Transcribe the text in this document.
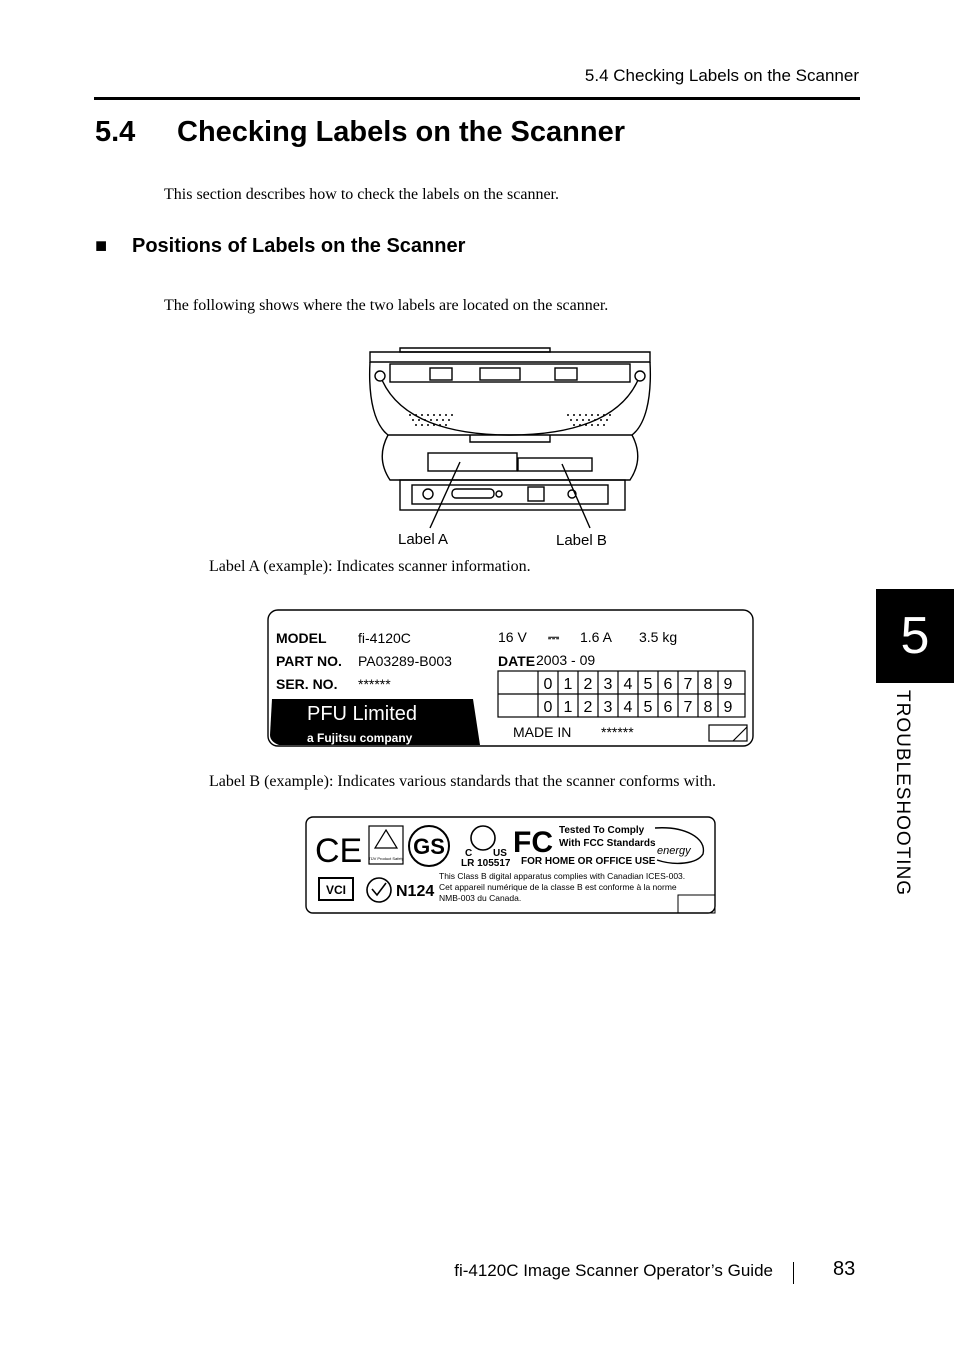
5.4 Checking Labels on the Scanner
5.4 Checking Labels on the Scanner
This section describes how to check the labels on the scanner.
■ Positions of Labels on the Scanner
The following shows where the two labels are located on the scanner.
Label A	Label B
Label A (example): Indicates scanner information.
MODEL fi-4120C
PART NO. PA03289-B003
SER. NO. ******
16 V ⎓ 1.6 A 3.5 kg
DATE 2003 - 09
MADE IN ******
PFU Limited
a Fujitsu company
0 1 2 3 4 5 6 7 8 9
0 1 2 3 4 5 6 7 8 9
Label B (example): Indicates various standards that the scanner conforms with.
CE TÜV Product Safety GS C US
LR 105517
FC Tested To Comply
With FCC Standards
FOR HOME OR OFFICE USE
energy
VCI	N124
This Class B digital apparatus complies with Canadian ICES-003.
Cet appareil numérique de la classe B est conforme à la norme
NMB-003 du Canada.
5
TROUBLESHOOTING
fi-4120C Image Scanner Operator’s Guide	83
